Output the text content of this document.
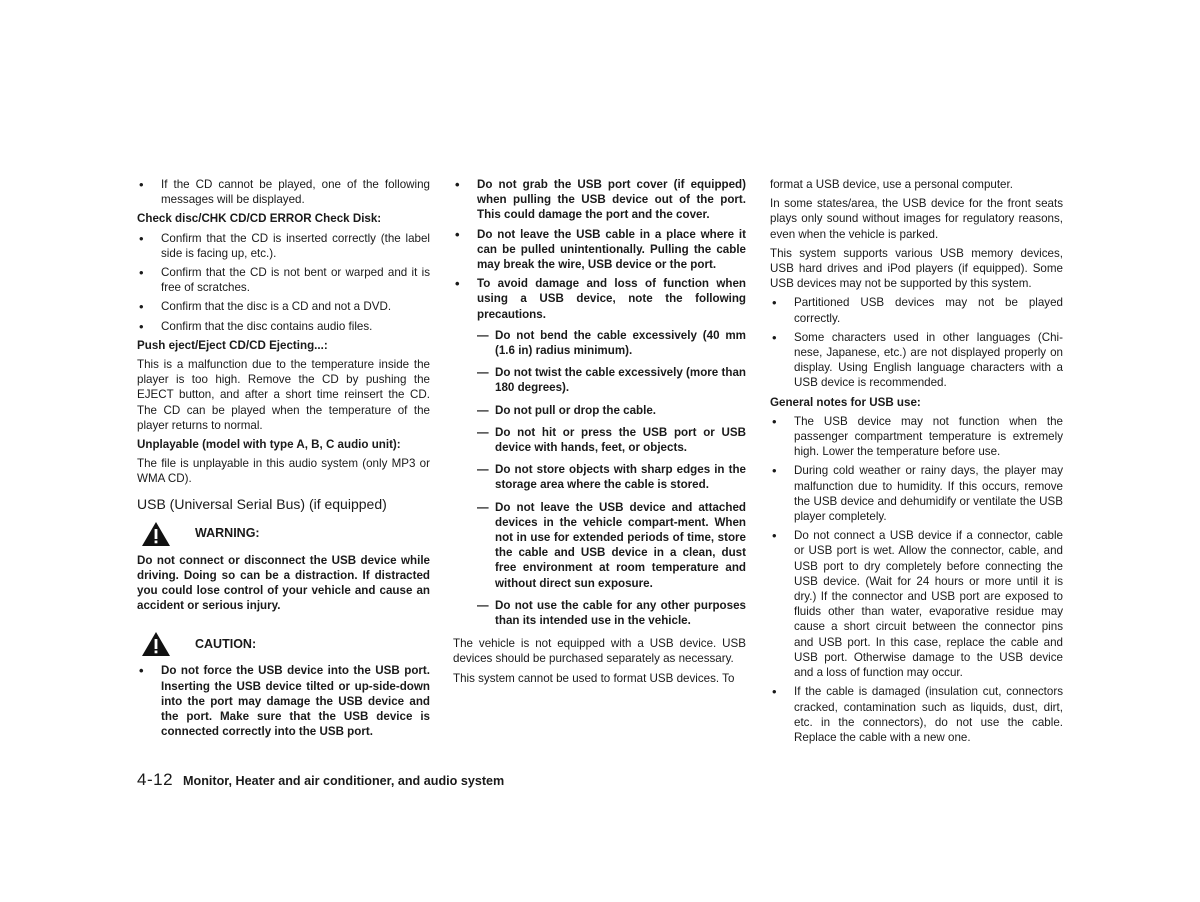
• If the CD cannot be played, one of the following messages will be displayed.
Check disc/CHK CD/CD ERROR Check Disk:
• Confirm that the CD is inserted correctly (the label side is facing up, etc.).
• Confirm that the CD is not bent or warped and it is free of scratches.
• Confirm that the disc is a CD and not a DVD.
• Confirm that the disc contains audio files.
Push eject/Eject CD/CD Ejecting...:

This is a malfunction due to the temperature inside the player is too high. Remove the CD by pushing the EJECT button, and after a short time reinsert the CD. The CD can be played when the temperature of the player returns to normal.

Unplayable (model with type A, B, C audio unit):

The file is unplayable in this audio system (only MP3 or WMA CD).

USB (Universal Serial Bus) (if equipped)
WARNING:

Do not connect or disconnect the USB device while driving. Doing so can be a distraction. If distracted you could lose control of your vehicle and cause an accident or serious injury.

CAUTION:
• Do not force the USB device into the USB port. Inserting the USB device tilted or up-side-down into the port may damage the USB device and the port. Make sure that the USB device is connected correctly into the USB port.
• Do not grab the USB port cover (if equipped) when pulling the USB device out of the port. This could damage the port and the cover.
• Do not leave the USB cable in a place where it can be pulled unintentionally. Pulling the cable may break the wire, USB device or the port.
• To avoid damage and loss of function when using a USB device, note the following precautions.
— Do not bend the cable excessively (40 mm (1.6 in) radius minimum).
— Do not twist the cable excessively (more than 180 degrees).
— Do not pull or drop the cable.
— Do not hit or press the USB port or USB device with hands, feet, or objects.
— Do not store objects with sharp edges in the storage area where the cable is stored.
— Do not leave the USB device and attached devices in the vehicle compart-ment. When not in use for extended periods of time, store the cable and USB device in a clean, dust free environment at room temperature and without direct sun exposure.
— Do not use the cable for any other purposes than its intended use in the vehicle.

The vehicle is not equipped with a USB device. USB devices should be purchased separately as necessary.

This system cannot be used to format USB devices. To

format a USB device, use a personal computer.

In some states/area, the USB device for the front seats plays only sound without images for regulatory reasons, even when the vehicle is parked.

This system supports various USB memory devices, USB hard drives and iPod players (if equipped). Some USB devices may not be supported by this system.

• Partitioned USB devices may not be played correctly.
• Some characters used in other languages (Chi-nese, Japanese, etc.) are not displayed properly on display. Using English language characters with a USB device is recommended.
General notes for USB use:
• The USB device may not function when the passenger compartment temperature is extremely high. Lower the temperature before use.
• During cold weather or rainy days, the player may malfunction due to humidity. If this occurs, remove the USB device and dehumidify or ventilate the USB player completely.
• Do not connect a USB device if a connector, cable or USB port is wet. Allow the connector, cable, and USB port to dry completely before connecting the USB device. (Wait for 24 hours or more until it is dry.) If the connector and USB port are exposed to fluids other than water, evaporative residue may cause a short circuit between the connector pins and USB port. In this case, replace the cable and USB port. Otherwise damage to the USB device and a loss of function may occur.
• If the cable is damaged (insulation cut, connectors cracked, contamination such as liquids, dust, dirt, etc. in the connectors), do not use the cable. Replace the cable with a new one.
4-12 Monitor, Heater and air conditioner, and audio system
